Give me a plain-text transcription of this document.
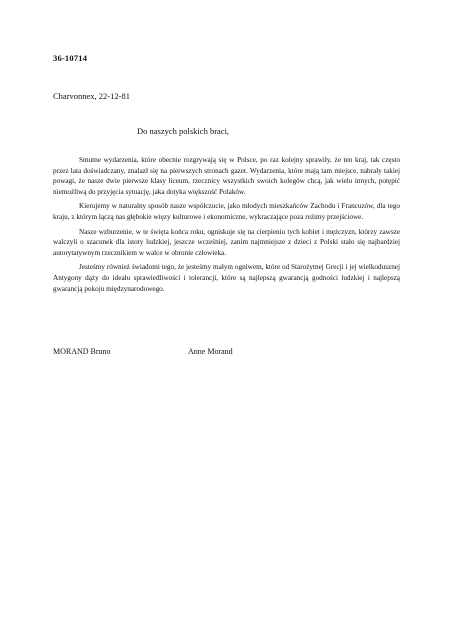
36-10714
Charvonnex, 22-12-81
Do naszych polskich braci,

Smutne wydarzenia, które obecnie rozgrywają się w Polsce, po raz kolejny sprawiły, że ten kraj, tak często przez lata doświadczany, znalazł się na pierwszych stronach gazet. Wydarzenia, które mają tam miejsce, nabrały takiej powagi, że nasze dwie pierwsze klasy liceum, rzecznicy wszystkich swoich kolegów chcą, jak wielu innych, potępić niemożliwą do przyjęcia sytuację, jaka dotyka większość Polaków.

Kierujemy w naturalny sposób nasze współczucie, jako młodych mieszkańców Zachodu i Francuzów, dla tego kraju, z którym łączą nas głębokie więzy kulturowe i ekonomiczne, wykraczające poza reżimy przejściowe.

Nasze wzburzenie, w te święta końca roku, ogniskuje się na cierpieniu tych kobiet i mężczyzn, którzy zawsze walczyli o szacunek dla istoty ludzkiej, jeszcze wcześniej, zanim najmniejsze z dzieci z Polski stało się najbardziej autorytatywnym rzecznikiem w walce w obronie człowieka.

Jesteśmy również świadomi tego, że jesteśmy małym ogniwem, które od Starożytnej Grecji i jej wielkodusznej Antygony dąży do ideału sprawiedliwości i tolerancji, które są najlepszą gwarancją godności ludzkiej i najlepszą gwarancją pokoju międzynarodowego.

MORAND Bruno	Anne Morand
